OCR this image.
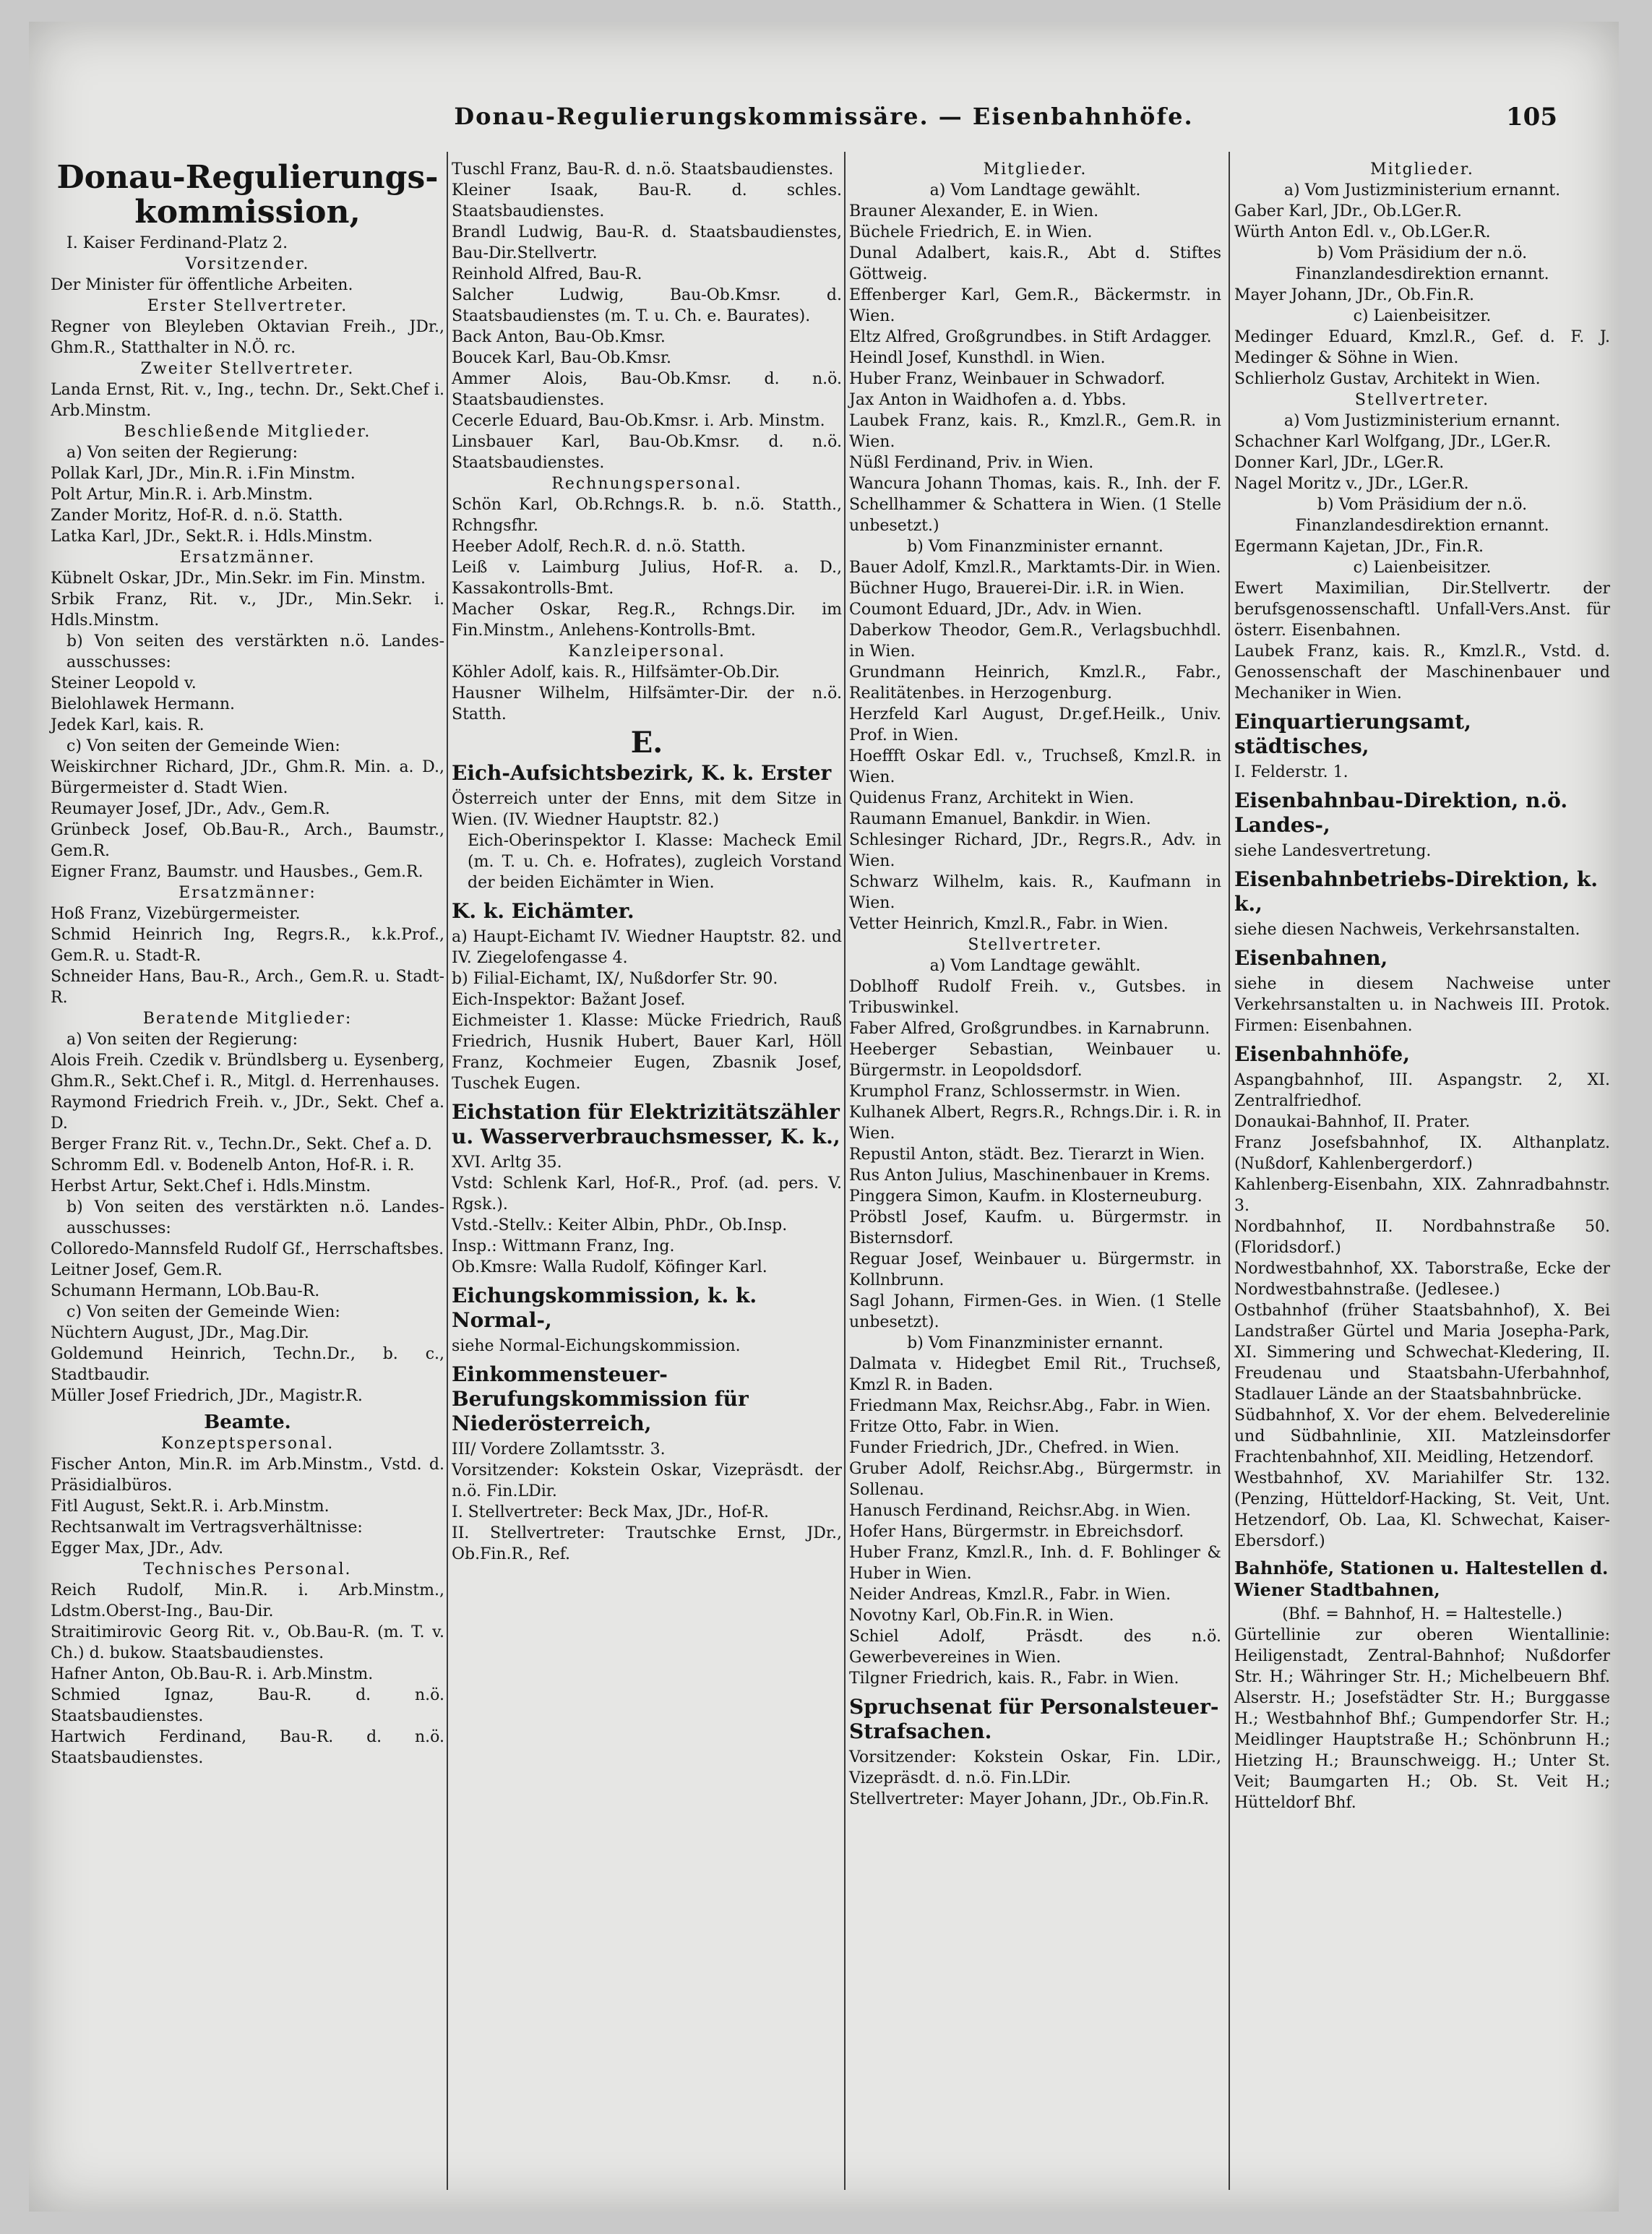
Donau-Regulierungskommissäre. — Eisenbahnhöfe.	105
Donau-Regulierungs-kommission,

I. Kaiser Ferdinand-Platz 2.

Vorsitzender.

Der Minister für öffentliche Arbeiten.

Erster Stellvertreter.

Regner von Bleyleben Oktavian Freih., JDr., Ghm.R., Statthalter in N.Ö. rc.

Zweiter Stellvertreter.

Landa Ernst, Rit. v., Ing., techn. Dr., Sekt.Chef i. Arb.Minstm.

Beschließende Mitglieder.

a) Von seiten der Regierung:

Pollak Karl, JDr., Min.R. i.Fin Minstm.

Polt Artur, Min.R. i. Arb.Minstm.

Zander Moritz, Hof-R. d. n.ö. Statth.

Latka Karl, JDr., Sekt.R. i. Hdls.Minstm.

Ersatzmänner.

Kübnelt Oskar, JDr., Min.Sekr. im Fin. Minstm.

Srbik Franz, Rit. v., JDr., Min.Sekr. i. Hdls.Minstm.

b) Von seiten des verstärkten n.ö. Landes-ausschusses:

Steiner Leopold v.

Bielohlawek Hermann.

Jedek Karl, kais. R.

c) Von seiten der Gemeinde Wien:

Weiskirchner Richard, JDr., Ghm.R. Min. a. D., Bürgermeister d. Stadt Wien.

Reumayer Josef, JDr., Adv., Gem.R.

Grünbeck Josef, Ob.Bau-R., Arch., Baumstr., Gem.R.

Eigner Franz, Baumstr. und Hausbes., Gem.R.

Ersatzmänner:

Hoß Franz, Vizebürgermeister.

Schmid Heinrich Ing, Regrs.R., k.k.Prof., Gem.R. u. Stadt-R.

Schneider Hans, Bau-R., Arch., Gem.R. u. Stadt-R.

Beratende Mitglieder:

a) Von seiten der Regierung:

Alois Freih. Czedik v. Bründlsberg u. Eysenberg, Ghm.R., Sekt.Chef i. R., Mitgl. d. Herrenhauses.

Raymond Friedrich Freih. v., JDr., Sekt. Chef a. D.

Berger Franz Rit. v., Techn.Dr., Sekt. Chef a. D.

Schromm Edl. v. Bodenelb Anton, Hof-R. i. R.

Herbst Artur, Sekt.Chef i. Hdls.Minstm.

b) Von seiten des verstärkten n.ö. Landes-ausschusses:

Colloredo-Mannsfeld Rudolf Gf., Herrschaftsbes.

Leitner Josef, Gem.R.

Schumann Hermann, LOb.Bau-R.

c) Von seiten der Gemeinde Wien:

Nüchtern August, JDr., Mag.Dir.

Goldemund Heinrich, Techn.Dr., b. c., Stadtbaudir.

Müller Josef Friedrich, JDr., Magistr.R.

Beamte.

Konzeptspersonal.

Fischer Anton, Min.R. im Arb.Minstm., Vstd. d. Präsidialbüros.

Fitl August, Sekt.R. i. Arb.Minstm.

Rechtsanwalt im Vertragsverhältnisse:

Egger Max, JDr., Adv.

Technisches Personal.

Reich Rudolf, Min.R. i. Arb.Minstm., Ldstm.Oberst-Ing., Bau-Dir.

Straitimirovic Georg Rit. v., Ob.Bau-R. (m. T. v. Ch.) d. bukow. Staatsbaudienstes.

Hafner Anton, Ob.Bau-R. i. Arb.Minstm.

Schmied Ignaz, Bau-R. d. n.ö. Staatsbaudienstes.

Hartwich Ferdinand, Bau-R. d. n.ö. Staatsbaudienstes.

Tuschl Franz, Bau-R. d. n.ö. Staatsbaudienstes.

Kleiner Isaak, Bau-R. d. schles. Staatsbaudienstes.

Brandl Ludwig, Bau-R. d. Staatsbaudienstes, Bau-Dir.Stellvertr.

Reinhold Alfred, Bau-R.

Salcher Ludwig, Bau-Ob.Kmsr. d. Staatsbaudienstes (m. T. u. Ch. e. Baurates).

Back Anton, Bau-Ob.Kmsr.

Boucek Karl, Bau-Ob.Kmsr.

Ammer Alois, Bau-Ob.Kmsr. d. n.ö. Staatsbaudienstes.

Cecerle Eduard, Bau-Ob.Kmsr. i. Arb. Minstm.

Linsbauer Karl, Bau-Ob.Kmsr. d. n.ö. Staatsbaudienstes.

Rechnungspersonal.

Schön Karl, Ob.Rchngs.R. b. n.ö. Statth., Rchngsfhr.

Heeber Adolf, Rech.R. d. n.ö. Statth.

Leiß v. Laimburg Julius, Hof-R. a. D., Kassakontrolls-Bmt.

Macher Oskar, Reg.R., Rchngs.Dir. im Fin.Minstm., Anlehens-Kontrolls-Bmt.

Kanzleipersonal.

Köhler Adolf, kais. R., Hilfsämter-Ob.Dir.

Hausner Wilhelm, Hilfsämter-Dir. der n.ö. Statth.

E.
Eich-Aufsichtsbezirk, K. k. Erster

Österreich unter der Enns, mit dem Sitze in Wien. (IV. Wiedner Hauptstr. 82.)

Eich-Oberinspektor I. Klasse: Macheck Emil (m. T. u. Ch. e. Hofrates), zugleich Vorstand der beiden Eichämter in Wien.

K. k. Eichämter.

a) Haupt-Eichamt IV. Wiedner Hauptstr. 82. und IV. Ziegelofengasse 4.

b) Filial-Eichamt, IX/, Nußdorfer Str. 90.

Eich-Inspektor: Bažant Josef.

Eichmeister 1. Klasse: Mücke Friedrich, Rauß Friedrich, Husnik Hubert, Bauer Karl, Höll Franz, Kochmeier Eugen, Zbasnik Josef, Tuschek Eugen.

Eichstation für Elektrizitätszähler u. Wasserverbrauchsmesser, K. k.,

XVI. Arltg 35.

Vstd: Schlenk Karl, Hof-R., Prof. (ad. pers. V. Rgsk.).

Vstd.-Stellv.: Keiter Albin, PhDr., Ob.Insp.

Insp.: Wittmann Franz, Ing.

Ob.Kmsre: Walla Rudolf, Köfinger Karl.

Eichungskommission, k. k. Normal-,

siehe Normal-Eichungskommission.

Einkommensteuer-Berufungskommission für Niederösterreich,

III/ Vordere Zollamtsstr. 3.

Vorsitzender: Kokstein Oskar, Vizepräsdt. der n.ö. Fin.LDir.

I. Stellvertreter: Beck Max, JDr., Hof-R.

II. Stellvertreter: Trautschke Ernst, JDr., Ob.Fin.R., Ref.

Mitglieder.

a) Vom Landtage gewählt.

Brauner Alexander, E. in Wien.

Büchele Friedrich, E. in Wien.

Dunal Adalbert, kais.R., Abt d. Stiftes Göttweig.

Effenberger Karl, Gem.R., Bäckermstr. in Wien.

Eltz Alfred, Großgrundbes. in Stift Ardagger.

Heindl Josef, Kunsthdl. in Wien.

Huber Franz, Weinbauer in Schwadorf.

Jax Anton in Waidhofen a. d. Ybbs.

Laubek Franz, kais. R., Kmzl.R., Gem.R. in Wien.

Nüßl Ferdinand, Priv. in Wien.

Wancura Johann Thomas, kais. R., Inh. der F. Schellhammer & Schattera in Wien. (1 Stelle unbesetzt.)

b) Vom Finanzminister ernannt.

Bauer Adolf, Kmzl.R., Marktamts-Dir. in Wien.

Büchner Hugo, Brauerei-Dir. i.R. in Wien.

Coumont Eduard, JDr., Adv. in Wien.

Daberkow Theodor, Gem.R., Verlagsbuchhdl. in Wien.

Grundmann Heinrich, Kmzl.R., Fabr., Realitätenbes. in Herzogenburg.

Herzfeld Karl August, Dr.gef.Heilk., Univ. Prof. in Wien.

Hoeffft Oskar Edl. v., Truchseß, Kmzl.R. in Wien.

Quidenus Franz, Architekt in Wien.

Raumann Emanuel, Bankdir. in Wien.

Schlesinger Richard, JDr., Regrs.R., Adv. in Wien.

Schwarz Wilhelm, kais. R., Kaufmann in Wien.

Vetter Heinrich, Kmzl.R., Fabr. in Wien.

Stellvertreter.

a) Vom Landtage gewählt.

Doblhoff Rudolf Freih. v., Gutsbes. in Tribuswinkel.

Faber Alfred, Großgrundbes. in Karnabrunn.

Heeberger Sebastian, Weinbauer u. Bürgermstr. in Leopoldsdorf.

Krumphol Franz, Schlossermstr. in Wien.

Kulhanek Albert, Regrs.R., Rchngs.Dir. i. R. in Wien.

Repustil Anton, städt. Bez. Tierarzt in Wien.

Rus Anton Julius, Maschinenbauer in Krems.

Pinggera Simon, Kaufm. in Klosterneuburg.

Pröbstl Josef, Kaufm. u. Bürgermstr. in Bisternsdorf.

Reguar Josef, Weinbauer u. Bürgermstr. in Kollnbrunn.

Sagl Johann, Firmen-Ges. in Wien. (1 Stelle unbesetzt).

b) Vom Finanzminister ernannt.

Dalmata v. Hidegbet Emil Rit., Truchseß, Kmzl R. in Baden.

Friedmann Max, Reichsr.Abg., Fabr. in Wien.

Fritze Otto, Fabr. in Wien.

Funder Friedrich, JDr., Chefred. in Wien.

Gruber Adolf, Reichsr.Abg., Bürgermstr. in Sollenau.

Hanusch Ferdinand, Reichsr.Abg. in Wien.

Hofer Hans, Bürgermstr. in Ebreichsdorf.

Huber Franz, Kmzl.R., Inh. d. F. Bohlinger & Huber in Wien.

Neider Andreas, Kmzl.R., Fabr. in Wien.

Novotny Karl, Ob.Fin.R. in Wien.

Schiel Adolf, Präsdt. des n.ö. Gewerbevereines in Wien.

Tilgner Friedrich, kais. R., Fabr. in Wien.

Spruchsenat für Personalsteuer-Strafsachen.

Vorsitzender: Kokstein Oskar, Fin. LDir., Vizepräsdt. d. n.ö. Fin.LDir.

Stellvertreter: Mayer Johann, JDr., Ob.Fin.R.

Mitglieder.

a) Vom Justizministerium ernannt.

Gaber Karl, JDr., Ob.LGer.R.

Würth Anton Edl. v., Ob.LGer.R.

b) Vom Präsidium der n.ö. Finanzlandesdirektion ernannt.

Mayer Johann, JDr., Ob.Fin.R.

c) Laienbeisitzer.

Medinger Eduard, Kmzl.R., Gef. d. F. J. Medinger & Söhne in Wien.

Schlierholz Gustav, Architekt in Wien.

Stellvertreter.

a) Vom Justizministerium ernannt.

Schachner Karl Wolfgang, JDr., LGer.R.

Donner Karl, JDr., LGer.R.

Nagel Moritz v., JDr., LGer.R.

b) Vom Präsidium der n.ö. Finanzlandesdirektion ernannt.

Egermann Kajetan, JDr., Fin.R.

c) Laienbeisitzer.

Ewert Maximilian, Dir.Stellvertr. der berufsgenossenschaftl. Unfall-Vers.Anst. für österr. Eisenbahnen.

Laubek Franz, kais. R., Kmzl.R., Vstd. d. Genossenschaft der Maschinenbauer und Mechaniker in Wien.

Einquartierungsamt, städtisches,

I. Felderstr. 1.

Eisenbahnbau-Direktion, n.ö. Landes-,

siehe Landesvertretung.

Eisenbahnbetriebs-Direktion, k. k.,

siehe diesen Nachweis, Verkehrsanstalten.

Eisenbahnen,

siehe in diesem Nachweise unter Verkehrsanstalten u. in Nachweis III. Protok. Firmen: Eisenbahnen.

Eisenbahnhöfe,

Aspangbahnhof, III. Aspangstr. 2, XI. Zentralfriedhof.

Donaukai-Bahnhof, II. Prater.

Franz Josefsbahnhof, IX. Althanplatz. (Nußdorf, Kahlenbergerdorf.)

Kahlenberg-Eisenbahn, XIX. Zahnradbahnstr. 3.

Nordbahnhof, II. Nordbahnstraße 50. (Floridsdorf.)

Nordwestbahnhof, XX. Taborstraße, Ecke der Nordwestbahnstraße. (Jedlesee.)

Ostbahnhof (früher Staatsbahnhof), X. Bei Landstraßer Gürtel und Maria Josepha-Park, XI. Simmering und Schwechat-Kledering, II. Freudenau und Staatsbahn-Uferbahnhof, Stadlauer Lände an der Staatsbahnbrücke.

Südbahnhof, X. Vor der ehem. Belvederelinie und Südbahnlinie, XII. Matzleinsdorfer Frachtenbahnhof, XII. Meidling, Hetzendorf.

Westbahnhof, XV. Mariahilfer Str. 132. (Penzing, Hütteldorf-Hacking, St. Veit, Unt. Hetzendorf, Ob. Laa, Kl. Schwechat, Kaiser-Ebersdorf.)

Bahnhöfe, Stationen u. Haltestellen d. Wiener Stadtbahnen,

(Bhf. = Bahnhof, H. = Haltestelle.)

Gürtellinie zur oberen Wientallinie: Heiligenstadt, Zentral-Bahnhof; Nußdorfer Str. H.; Währinger Str. H.; Michelbeuern Bhf. Alserstr. H.; Josefstädter Str. H.; Burggasse H.; Westbahnhof Bhf.; Gumpendorfer Str. H.; Meidlinger Hauptstraße H.; Schönbrunn H.; Hietzing H.; Braunschweigg. H.; Unter St. Veit; Baumgarten H.; Ob. St. Veit H.; Hütteldorf Bhf.
